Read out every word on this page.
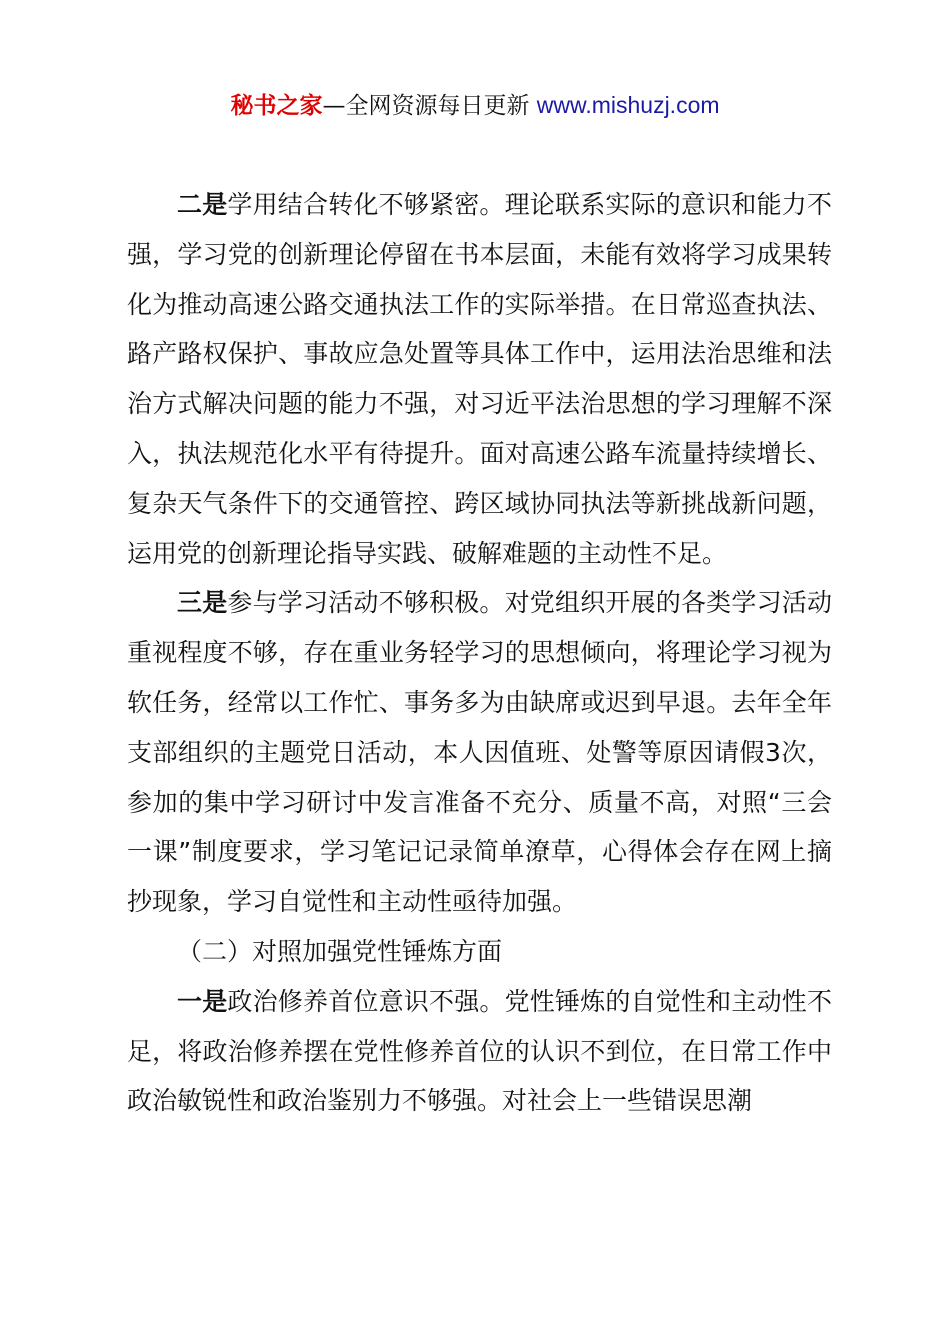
秘书之家—全网资源每日更新 www.mishuzj.com

二是学用结合转化不够紧密。理论联系实际的意识和能力不强，学习党的创新理论停留在书本层面，未能有效将学习成果转化为推动高速公路交通执法工作的实际举措。在日常巡查执法、路产路权保护、事故应急处置等具体工作中，运用法治思维和法治方式解决问题的能力不强，对习近平法治思想的学习理解不深入，执法规范化水平有待提升。面对高速公路车流量持续增长、复杂天气条件下的交通管控、跨区域协同执法等新挑战新问题，运用党的创新理论指导实践、破解难题的主动性不足。

三是参与学习活动不够积极。对党组织开展的各类学习活动重视程度不够，存在重业务轻学习的思想倾向，将理论学习视为软任务，经常以工作忙、事务多为由缺席或迟到早退。去年全年支部组织的主题党日活动，本人因值班、处警等原因请假3次，参加的集中学习研讨中发言准备不充分、质量不高，对照“三会一课”制度要求，学习笔记记录简单潦草，心得体会存在网上摘抄现象，学习自觉性和主动性亟待加强。

（二）对照加强党性锤炼方面

一是政治修养首位意识不强。党性锤炼的自觉性和主动性不足，将政治修养摆在党性修养首位的认识不到位，在日常工作中政治敏锐性和政治鉴别力不够强。对社会上一些错误思潮
